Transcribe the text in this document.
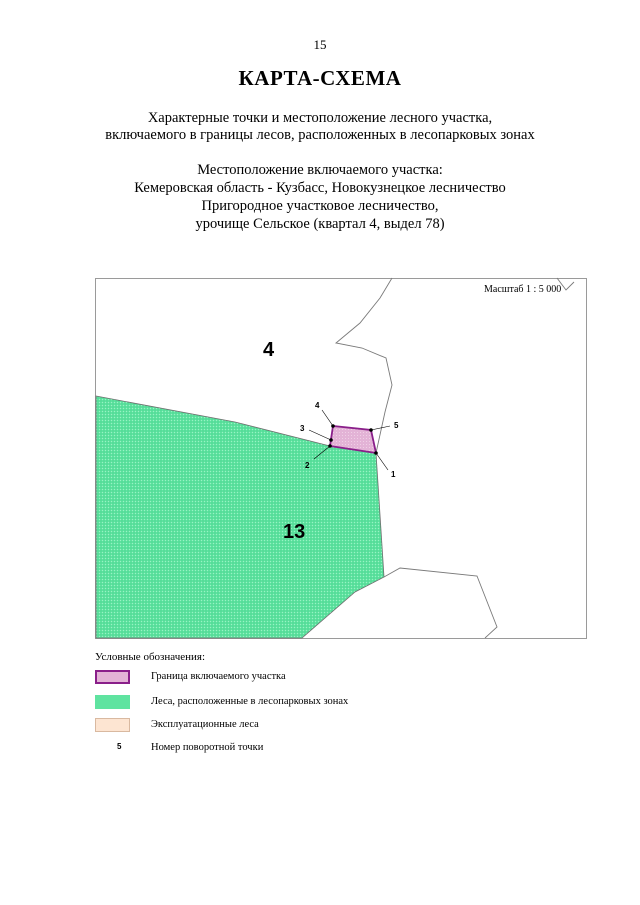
15
КАРТА-СХЕМА
Характерные точки и местоположение лесного участка,
включаемого в границы лесов, расположенных в лесопарковых зонах
Местоположение включаемого участка:
Кемеровская область - Кузбасс, Новокузнецкое лесничество
Пригородное участковое лесничество,
урочище Сельское (квартал 4, выдел 78)
1
2
3
4
5
4
13
Масштаб 1 : 5 000
Условные обозначения:
Граница включаемого участка
Леса, расположенные в лесопарковых зонах
Эксплуатационные леса
5	Номер поворотной точки
